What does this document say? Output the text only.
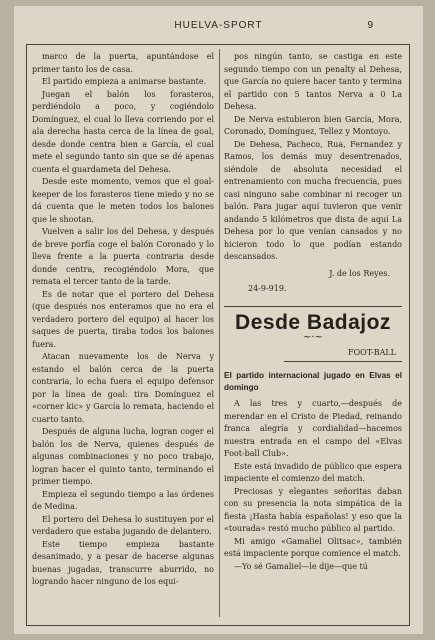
HUELVA-SPORT	9

marco de la puerta, apuntándose el primer tanto los de casa.

El partido empieza a animarse bastante.

Juegan el balón los forasteros, perdiéndolo a poco, y cogiéndolo Domínguez, el cual lo lleva corriendo por el ala derecha hasta cerca de la línea de goal, desde donde centra bien a García, el cual mete el segundo tanto sin que se dé apenas cuenta el guardameta del Dehesa.

Desde este momento, vemos que el goal-keeper de los forasteros tiene miedo y no se dá cuenta que le meten todos los balones que le shootan.

Vuelven a salir los del Dehesa, y después de breve porfía coge el balón Coronado y lo lleva frente a la puerta contraria desde donde centra, recogiéndolo Mora, que remata el tercer tanto de la tarde.

Es de notar que el portero del Dehesa (que después nos enteramos que no era el verdadero portero del equipo) al hacer los saques de puerta, tiraba todos los balones fuera.

Atacan nuevamente los de Nerva y estando el balón cerca de la puerta contraria, lo echa fuera el equipo defensor por la línea de goal: tira Domínguez el «corner kic» y García lo remata, haciendo el cuarto tanto.

Después de alguna lucha, logran coger el balón los de Nerva, quienes después de algunas combinaciones y no poco trabajo, logran hacer el quinto tanto, terminando el primer tiempo.

Empieza el segundo tiempo a las órdenes de Medina.

El portero del Dehesa lo sustituyen por el verdadero que estaba jugando de delantero.

Este tiempo empieza bastante desanimado, y a pesar de hacerse algunas buenas jugadas, transcurre aburrido, no logrando hacer ninguno de los equi-

pos ningún tanto, se castiga en este segundo tiempo con un penalty al Dehesa, que García no quiere hacer tanto y termina el partido con 5 tantos Nerva a 0 La Dehesa.

De Nerva estubieron bien García, Mora, Coronado, Domínguez, Tellez y Montoyo.

De Dehesa, Pacheco, Rua, Fernandez y Ramos, los demás muy desentrenados, siéndole de absoluta necesidad el entrenamiento con mucha frecuencia, pues casi ninguno sabe combinar ni recoger un balón. Para jugar aquí tuvieron que venir andando 5 kilómetros que dista de aquí La Dehesa por lo que venían cansados y no hicieron todo lo que podían estando descansados.

J. de los Reyes.
24-9-919.
Desde Badajoz
~·~
FOOT-BALL
El partido internacional jugado en Elvas el domingo

A las tres y cuarto,—después de merendar en el Cristo de Piedad, reinando franca alegría y cordialidad—hacemos nuestra entrada en el campo del «Elvas Foot-ball Club».

Este está invadido de público que espera impaciente el comienzo del match.

Preciosas y elegantes señoritas daban con su presencia la nota simpática de la fiesta ¡Hasta había españolas! y eso que la «tourada» restó mucho público al partido.

Mi amigo «Gamaliel Olitsac», también está impaciente porque comience el match.

—Yo sé Gamaliel—le dije—que tú
